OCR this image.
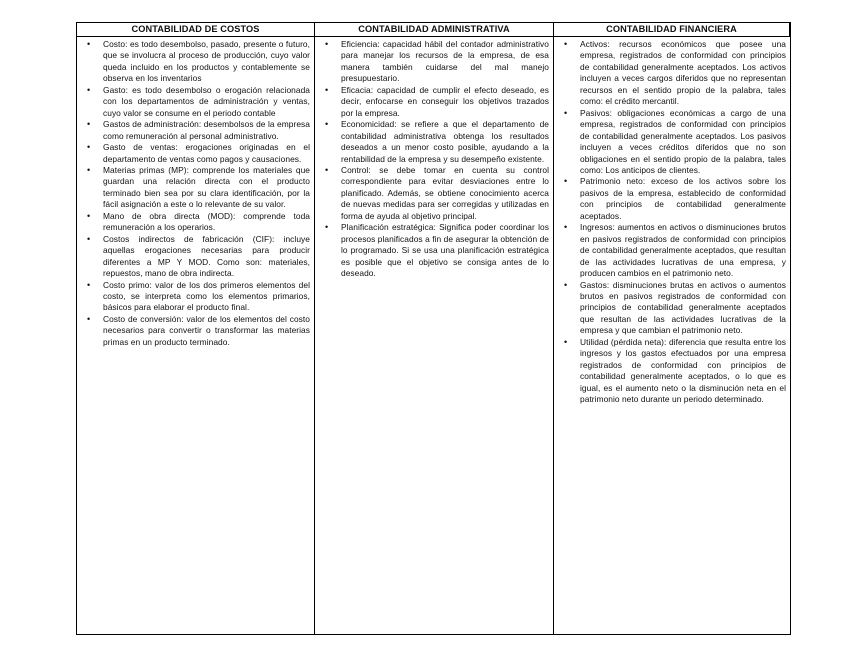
CONTABILIDAD DE COSTOS	CONTABILIDAD ADMINISTRATIVA	CONTABILIDAD FINANCIERA
• Costo: es todo desembolso, pasado, presente o futuro, que se involucra al proceso de producción, cuyo valor queda incluido en los productos y contablemente se observa en los inventarios
• Gasto: es todo desembolso o erogación relacionada con los departamentos de administración y ventas, cuyo valor se consume en el periodo contable
• Gastos de administración: desembolsos de la empresa como remuneración al personal administrativo.
• Gasto de ventas: erogaciones originadas en el departamento de ventas como pagos y causaciones.
• Materias primas (MP): comprende los materiales que guardan una relación directa con el producto terminado bien sea por su clara identificación, por la fácil asignación a este o lo relevante de su valor.
• Mano de obra directa (MOD): comprende toda remuneración a los operarios.
• Costos indirectos de fabricación (CIF): incluye aquellas erogaciones necesarias para producir diferentes a MP Y MOD. Como son: materiales, repuestos, mano de obra indirecta.
• Costo primo: valor de los dos primeros elementos del costo, se interpreta como los elementos primarios, básicos para elaborar el producto final.
• Costo de conversión: valor de los elementos del costo necesarios para convertir o transformar las materias primas en un producto terminado.
• Eficiencia: capacidad hábil del contador administrativo para manejar los recursos de la empresa, de esa manera también cuidarse del mal manejo presupuestario.
• Eficacia: capacidad de cumplir el efecto deseado, es decir, enfocarse en conseguir los objetivos trazados por la empresa.
• Economicidad: se refiere a que el departamento de contabilidad administrativa obtenga los resultados deseados a un menor costo posible, ayudando a la rentabilidad de la empresa y su desempeño existente.
• Control: se debe tomar en cuenta su control correspondiente para evitar desviaciones entre lo planificado. Además, se obtiene conocimiento acerca de nuevas medidas para ser corregidas y utilizadas en forma de ayuda al objetivo principal.
• Planificación estratégica: Significa poder coordinar los procesos planificados a fin de asegurar la obtención de lo programado. Si se usa una planificación estratégica es posible que el objetivo se consiga antes de lo deseado.
• Activos: recursos económicos que posee una empresa, registrados de conformidad con principios de contabilidad generalmente aceptados. Los activos incluyen a veces cargos diferidos que no representan recursos en el sentido propio de la palabra, tales como: el crédito mercantil.
• Pasivos: obligaciones económicas a cargo de una empresa, registrados de conformidad con principios de contabilidad generalmente aceptados. Los pasivos incluyen a veces créditos diferidos que no son obligaciones en el sentido propio de la palabra, tales como: Los anticipos de clientes.
• Patrimonio neto: exceso de los activos sobre los pasivos de la empresa, establecido de conformidad con principios de contabilidad generalmente aceptados.
• Ingresos: aumentos en activos o disminuciones brutos en pasivos registrados de conformidad con principios de contabilidad generalmente aceptados, que resultan de las actividades lucrativas de una empresa, y producen cambios en el patrimonio neto.
• Gastos: disminuciones brutas en activos o aumentos brutos en pasivos registrados de conformidad con principios de contabilidad generalmente aceptados que resultan de las actividades lucrativas de la empresa y que cambian el patrimonio neto.
• Utilidad (pérdida neta): diferencia que resulta entre los ingresos y los gastos efectuados por una empresa registrados de conformidad con principios de contabilidad generalmente aceptados, o lo que es igual, es el aumento neto o la disminución neta en el patrimonio neto durante un periodo determinado.
